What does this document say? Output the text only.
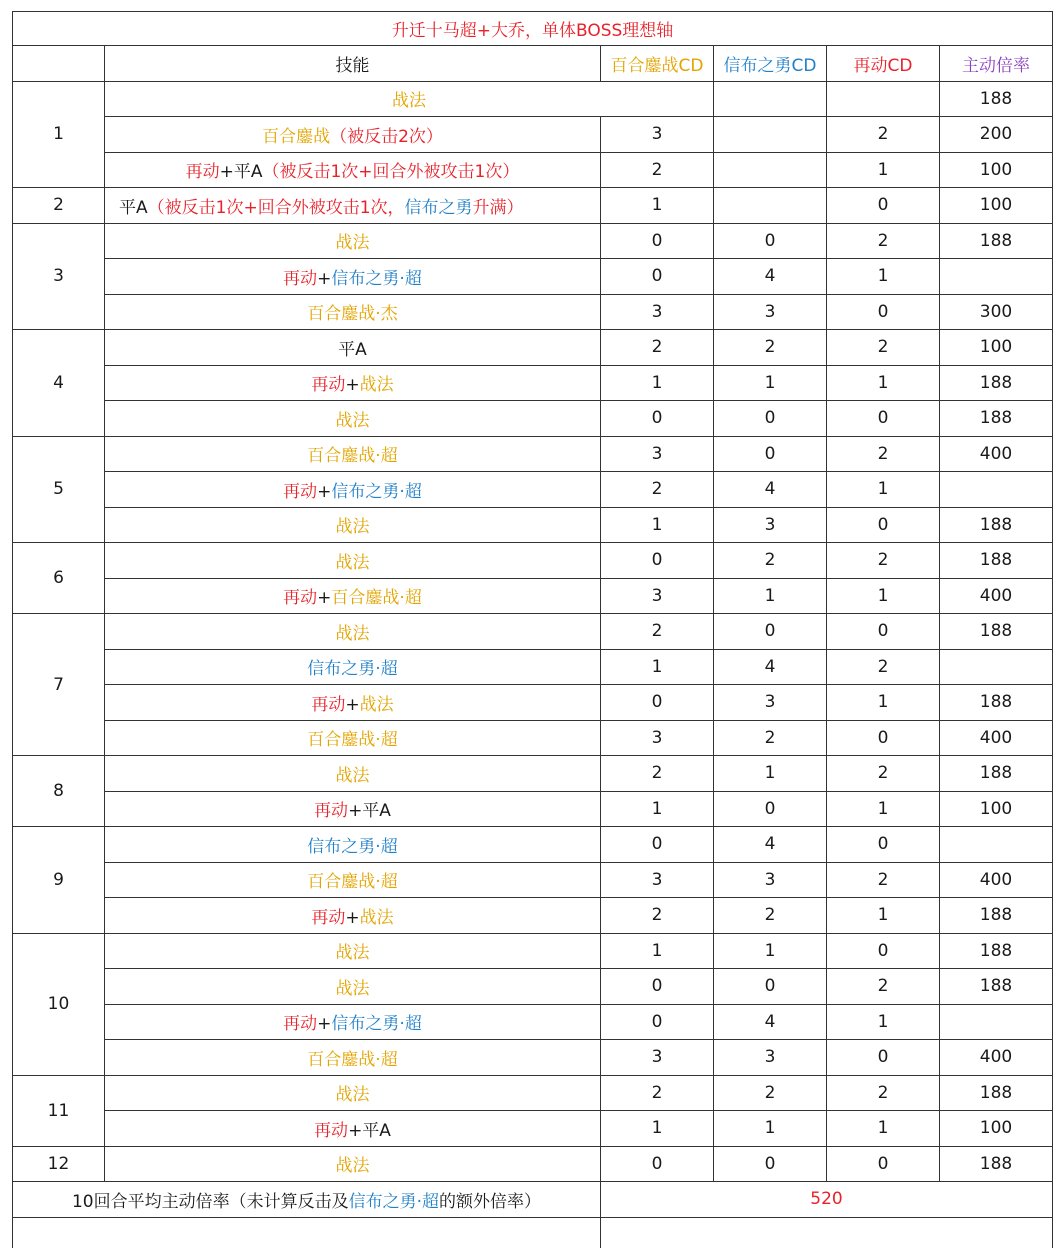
升迁十马超+大乔，单体BOSS理想轴					
	技能	百合鏖战CD	信布之勇CD	再动CD	主动倍率
1	战法				188
	百合鏖战（被反击2次）	3		2	200
	再动+平A（被反击1次+回合外被攻击1次）	2		1	100
2	平A（被反击1次+回合外被攻击1次，信布之勇升满）	1		0	100
3	战法	0	0	2	188
	再动+信布之勇·超	0	4	1	
	百合鏖战·杰	3	3	0	300
4	平A	2	2	2	100
	再动+战法	1	1	1	188
	战法	0	0	0	188
5	百合鏖战·超	3	0	2	400
	再动+信布之勇·超	2	4	1	
	战法	1	3	0	188
6	战法	0	2	2	188
	再动+百合鏖战·超	3	1	1	400
7	战法	2	0	0	188
	信布之勇·超	1	4	2	
	再动+战法	0	3	1	188
	百合鏖战·超	3	2	0	400
8	战法	2	1	2	188
	再动+平A	1	0	1	100
9	信布之勇·超	0	4	0	
	百合鏖战·超	3	3	2	400
	再动+战法	2	2	1	188
10	战法	1	1	0	188
	战法	0	0	2	188
	再动+信布之勇·超	0	4	1	
	百合鏖战·超	3	3	0	400
11	战法	2	2	2	188
	再动+平A	1	1	1	100
12	战法	0	0	0	188
10回合平均主动倍率（未计算反击及信布之勇·超的额外倍率）		520			
